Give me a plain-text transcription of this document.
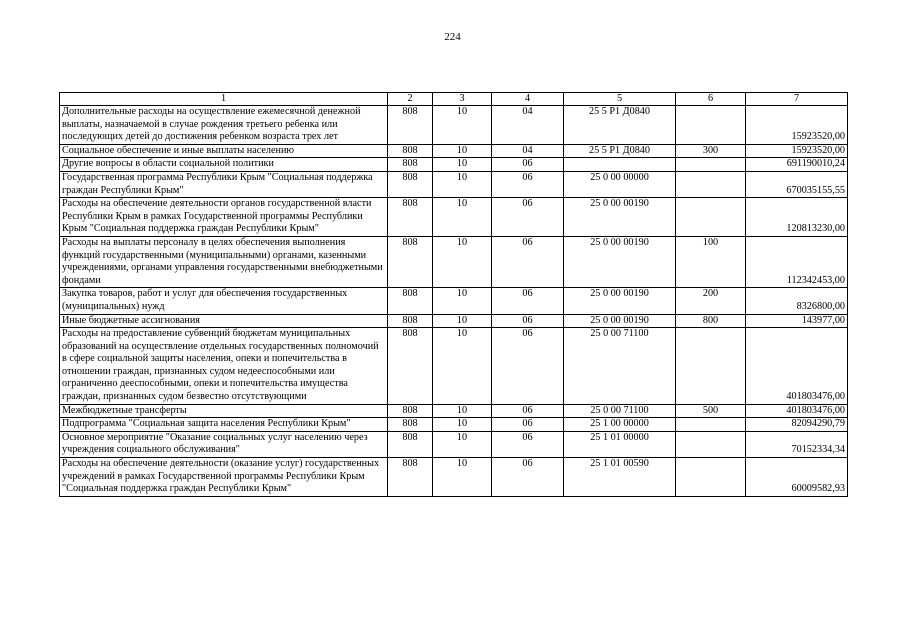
224
1	2	3	4	5	6	7
Дополнительные расходы на осуществление ежемесячной денежной выплаты, назначаемой в случае рождения третьего ребенка или последующих детей до достижения ребенком возраста трех лет	808	10	04	25 5 P1 Д0840		15923520,00
Социальное обеспечение и иные выплаты населению	808	10	04	25 5 P1 Д0840	300	15923520,00
Другие вопросы в области социальной политики	808	10	06			691190010,24
Государственная программа Республики Крым "Социальная поддержка граждан Республики Крым"	808	10	06	25 0 00 00000		670035155,55
Расходы на обеспечение деятельности органов государственной власти Республики Крым в рамках Государственной программы Республики Крым "Социальная поддержка граждан Республики Крым"	808	10	06	25 0 00 00190		120813230,00
Расходы на выплаты персоналу в целях обеспечения выполнения функций государственными (муниципальными) органами, казенными учреждениями, органами управления государственными внебюджетными фондами	808	10	06	25 0 00 00190	100	112342453,00
Закупка товаров, работ и услуг для обеспечения государственных (муниципальных) нужд	808	10	06	25 0 00 00190	200	8326800,00
Иные бюджетные ассигнования	808	10	06	25 0 00 00190	800	143977,00
Расходы на предоставление субвенций бюджетам муниципальных образований на осуществление отдельных государственных полномочий в сфере социальной защиты населения, опеки и попечительства в отношении граждан, признанных судом недееспособными или ограниченно дееспособными, опеки и попечительства имущества граждан, признанных судом безвестно отсутствующими	808	10	06	25 0 00 71100		401803476,00
Межбюджетные трансферты	808	10	06	25 0 00 71100	500	401803476,00
Подпрограмма "Социальная защита населения Республики Крым"	808	10	06	25 1 00 00000		82094290,79
Основное мероприятие "Оказание социальных услуг населению через учреждения социального обслуживания"	808	10	06	25 1 01 00000		70152334,34
Расходы на обеспечение деятельности (оказание услуг) государственных учреждений в рамках Государственной программы Республики Крым "Социальная поддержка граждан Республики Крым"	808	10	06	25 1 01 00590		60009582,93
